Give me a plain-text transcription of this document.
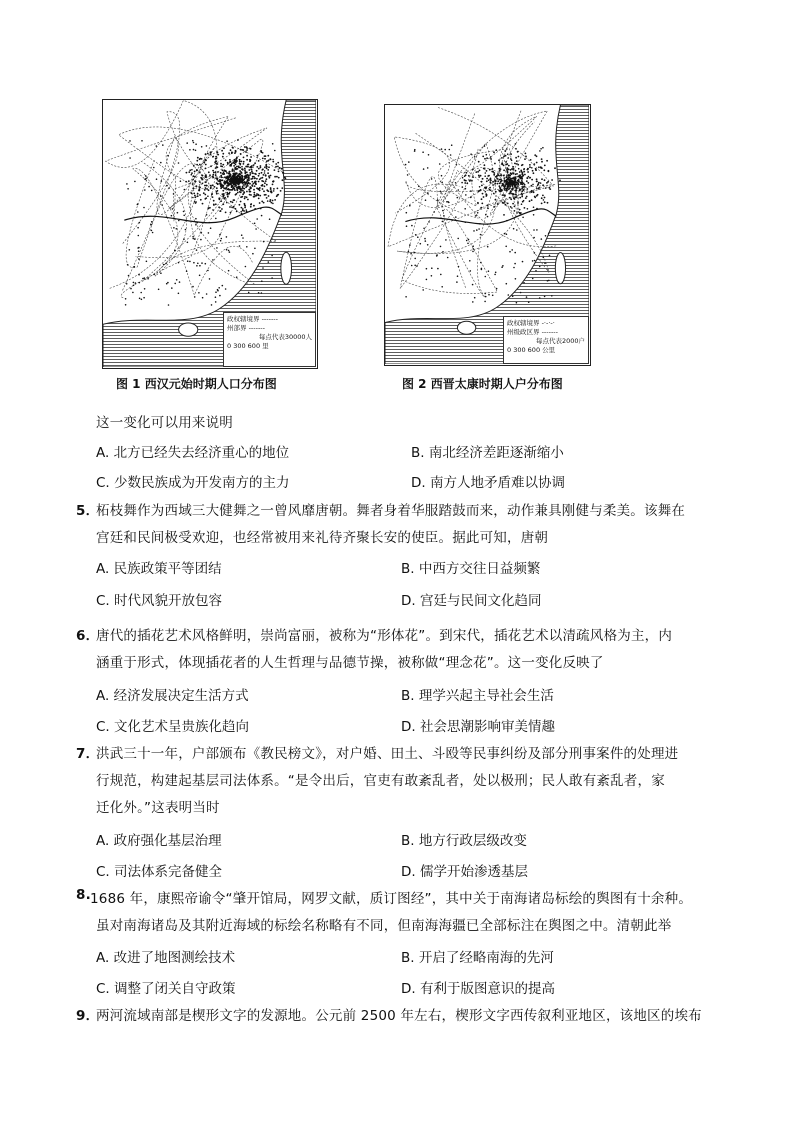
政权辖境界 -------
州部界 -------
每点代表30000人
0 300 600 里
图 1 西汉元始时期人口分布图
政权辖境界 -·-·-·
州级政区界 -------
每点代表2000户
0 300 600 公里
图 2 西晋太康时期人户分布图
这一变化可以用来说明
A. 北方已经失去经济重心的地位	B. 南北经济差距逐渐缩小
C. 少数民族成为开发南方的主力	D. 南方人地矛盾难以协调
5．
柘枝舞作为西域三大健舞之一曾风靡唐朝。舞者身着华服踏鼓而来，动作兼具刚健与柔美。该舞在
宫廷和民间极受欢迎，也经常被用来礼待齐聚长安的使臣。据此可知，唐朝
A. 民族政策平等团结	B. 中西方交往日益频繁
C. 时代风貌开放包容	D. 宫廷与民间文化趋同
6．
唐代的插花艺术风格鲜明，崇尚富丽，被称为“形体花”。到宋代，插花艺术以清疏风格为主，内
涵重于形式，体现插花者的人生哲理与品德节操，被称做“理念花”。这一变化反映了
A. 经济发展决定生活方式	B. 理学兴起主导社会生活
C. 文化艺术呈贵族化趋向	D. 社会思潮影响审美情趣
7．
洪武三十一年，户部颁布《教民榜文》，对户婚、田土、斗殴等民事纠纷及部分刑事案件的处理进
行规范，构建起基层司法体系。“是令出后，官吏有敢紊乱者，处以极刑；民人敢有紊乱者，家
迁化外。”这表明当时
A. 政府强化基层治理	B. 地方行政层级改变
C. 司法体系完备健全	D. 儒学开始渗透基层
8. 1686 年，康熙帝谕令“肇开馆局，网罗文献，质订图经”，其中关于南海诸岛标绘的舆图有十余种。
虽对南海诸岛及其附近海域的标绘名称略有不同，但南海海疆已全部标注在舆图之中。清朝此举
A. 改进了地图测绘技术	B. 开启了经略南海的先河
C. 调整了闭关自守政策	D. 有利于版图意识的提高
9．
两河流域南部是楔形文字的发源地。公元前 2500 年左右，楔形文字西传叙利亚地区，该地区的埃布
